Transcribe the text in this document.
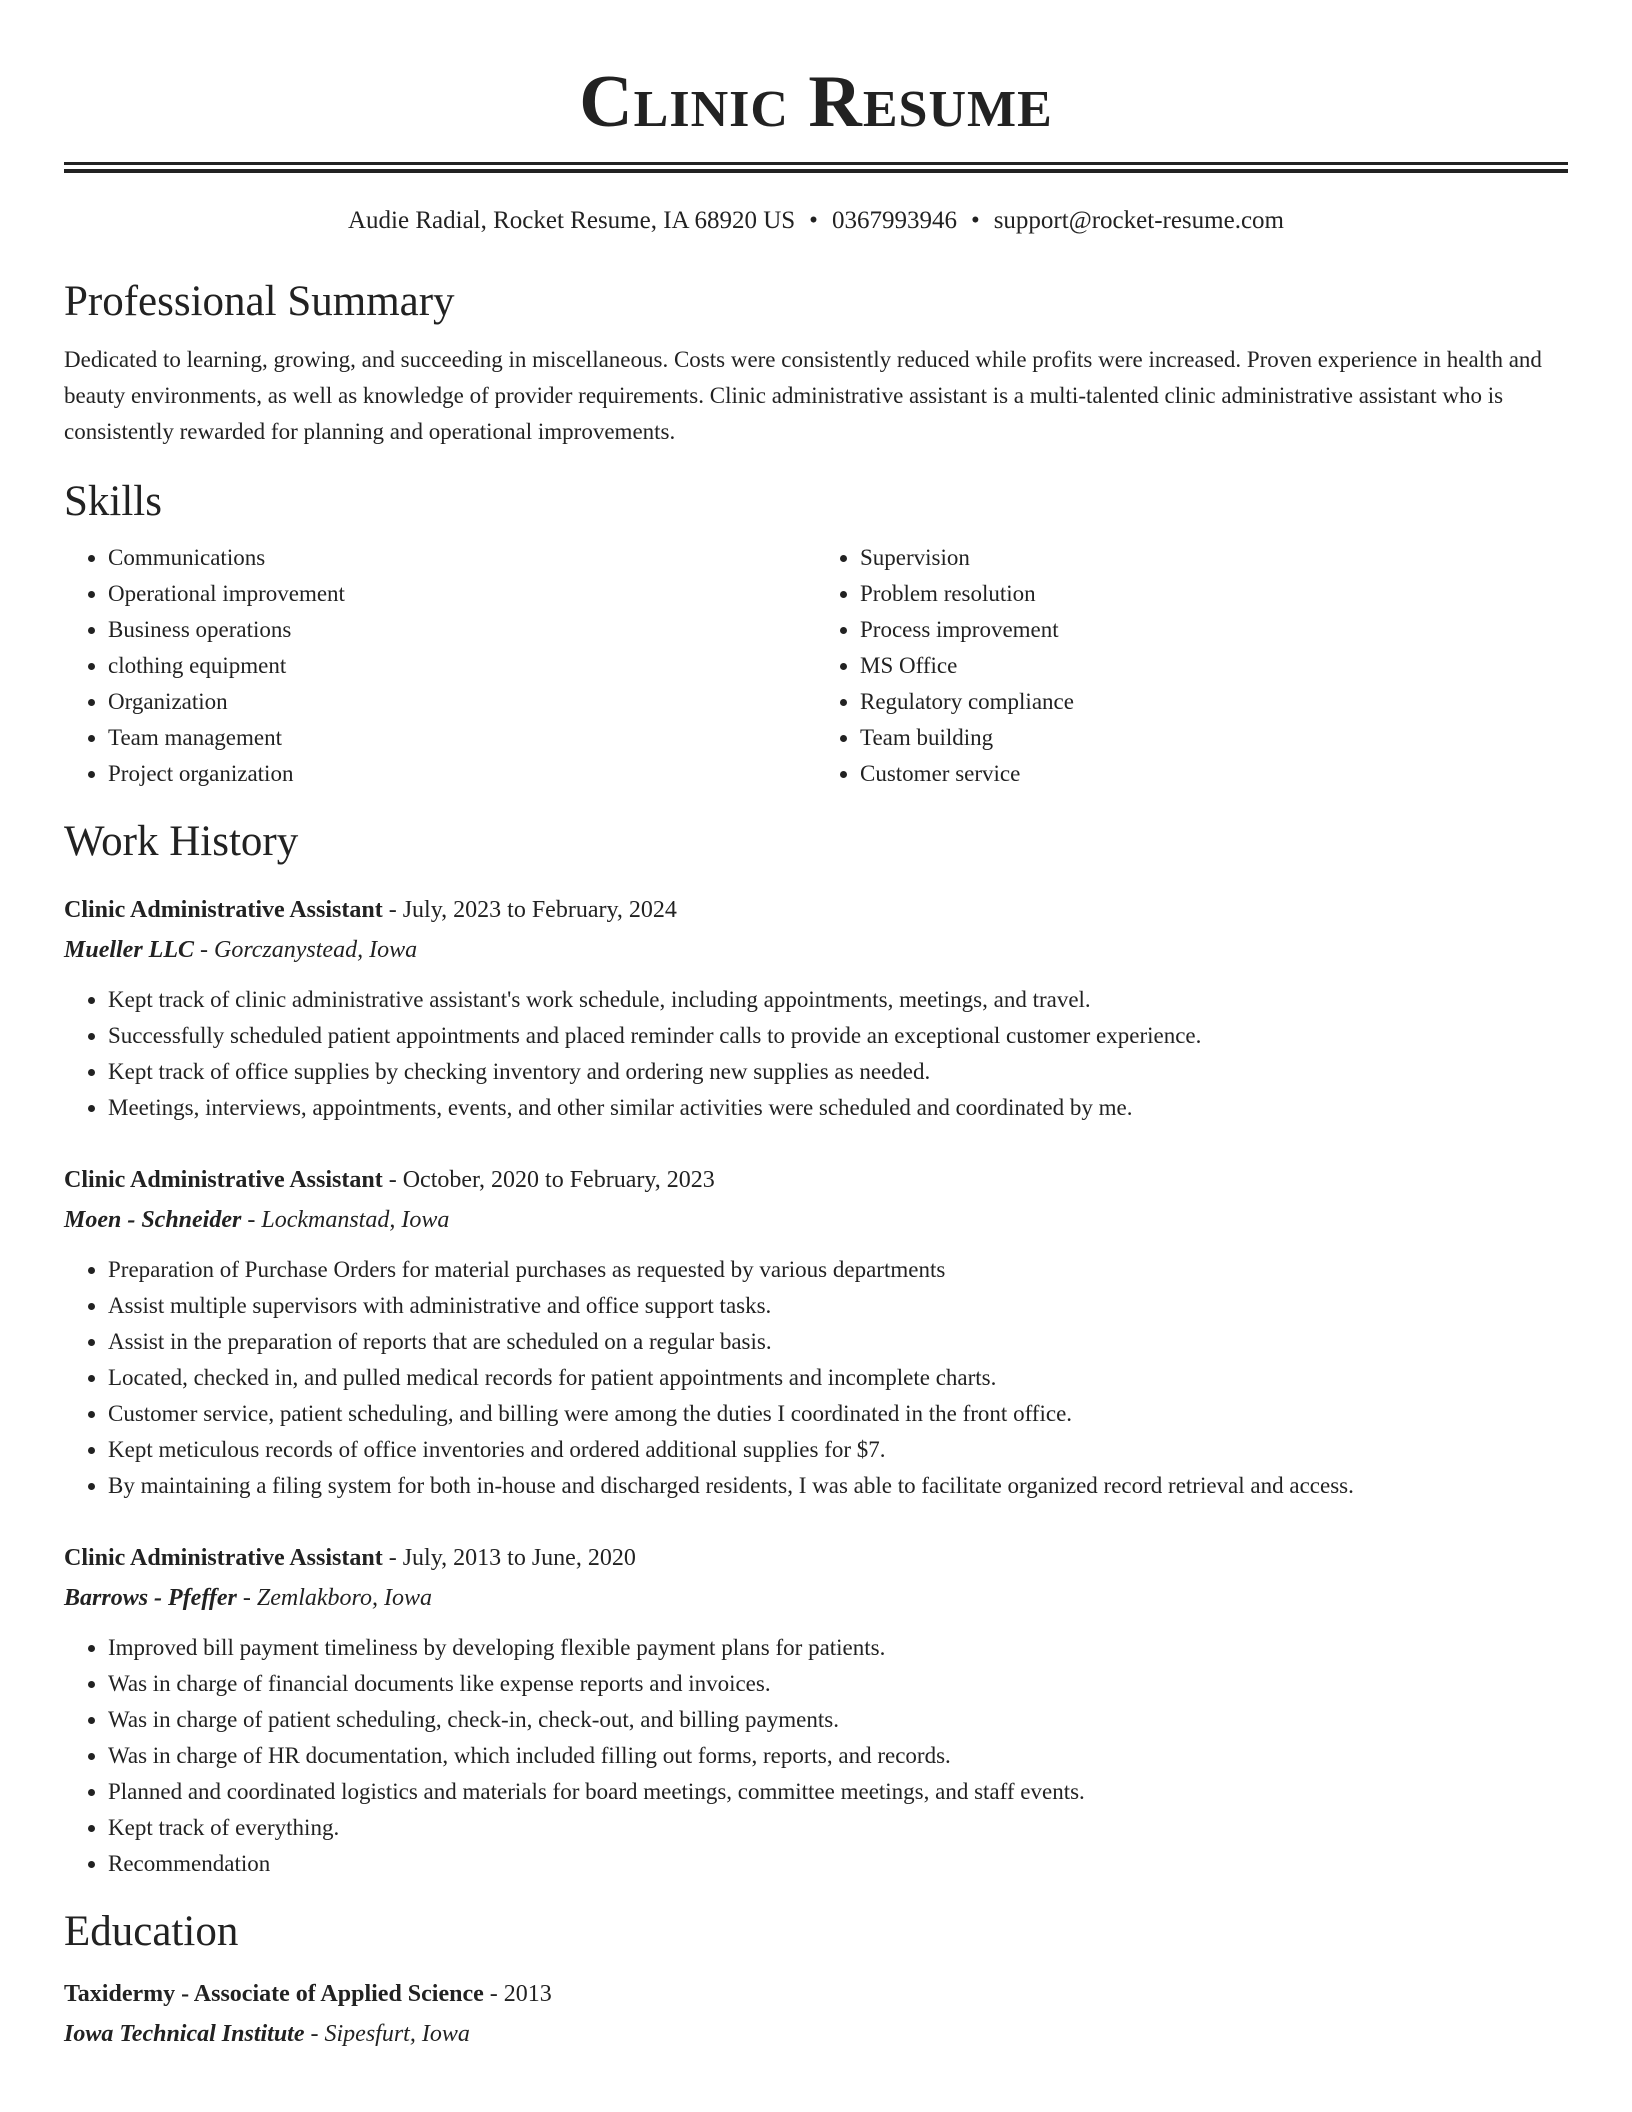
Clinic Resume
Audie Radial, Rocket Resume, IA 68920 US • 0367993946 • support@rocket-resume.com
Professional Summary

Dedicated to learning, growing, and succeeding in miscellaneous. Costs were consistently reduced while profits were increased. Proven experience in health and beauty environments, as well as knowledge of provider requirements. Clinic administrative assistant is a multi-talented clinic administrative assistant who is consistently rewarded for planning and operational improvements.

Skills
• Communications
• Operational improvement
• Business operations
• clothing equipment
• Organization
• Team management
• Project organization
• Supervision
• Problem resolution
• Process improvement
• MS Office
• Regulatory compliance
• Team building
• Customer service
Work History
Clinic Administrative Assistant - July, 2023 to February, 2024
Mueller LLC - Gorczanystead, Iowa
• Kept track of clinic administrative assistant's work schedule, including appointments, meetings, and travel.
• Successfully scheduled patient appointments and placed reminder calls to provide an exceptional customer experience.
• Kept track of office supplies by checking inventory and ordering new supplies as needed.
• Meetings, interviews, appointments, events, and other similar activities were scheduled and coordinated by me.
Clinic Administrative Assistant - October, 2020 to February, 2023
Moen - Schneider - Lockmanstad, Iowa
• Preparation of Purchase Orders for material purchases as requested by various departments
• Assist multiple supervisors with administrative and office support tasks.
• Assist in the preparation of reports that are scheduled on a regular basis.
• Located, checked in, and pulled medical records for patient appointments and incomplete charts.
• Customer service, patient scheduling, and billing were among the duties I coordinated in the front office.
• Kept meticulous records of office inventories and ordered additional supplies for $7.
• By maintaining a filing system for both in-house and discharged residents, I was able to facilitate organized record retrieval and access.
Clinic Administrative Assistant - July, 2013 to June, 2020
Barrows - Pfeffer - Zemlakboro, Iowa
• Improved bill payment timeliness by developing flexible payment plans for patients.
• Was in charge of financial documents like expense reports and invoices.
• Was in charge of patient scheduling, check-in, check-out, and billing payments.
• Was in charge of HR documentation, which included filling out forms, reports, and records.
• Planned and coordinated logistics and materials for board meetings, committee meetings, and staff events.
• Kept track of everything.
• Recommendation
Education
Taxidermy - Associate of Applied Science - 2013
Iowa Technical Institute - Sipesfurt, Iowa
